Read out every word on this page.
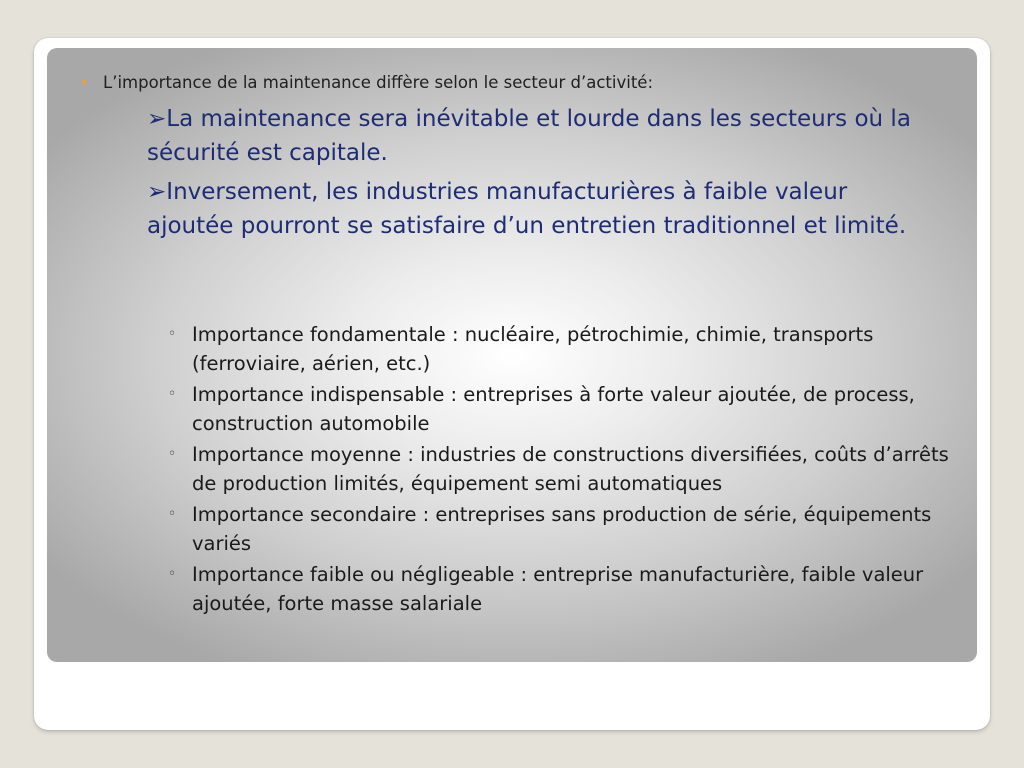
• L’importance de la maintenance diffère selon le secteur d’activité:
➢La maintenance sera inévitable et lourde dans les secteurs où la sécurité est capitale.
➢Inversement, les industries manufacturières à faible valeur ajoutée pourront se satisfaire d’un entretien traditionnel et limité.
◦ Importance fondamentale : nucléaire, pétrochimie, chimie, transports (ferroviaire, aérien, etc.)
◦ Importance indispensable : entreprises à forte valeur ajoutée, de process, construction automobile
◦ Importance moyenne : industries de constructions diversifiées, coûts d’arrêts de production limités, équipement semi automatiques
◦ Importance secondaire : entreprises sans production de série, équipements variés
◦ Importance faible ou négligeable : entreprise manufacturière, faible valeur ajoutée, forte masse salariale
